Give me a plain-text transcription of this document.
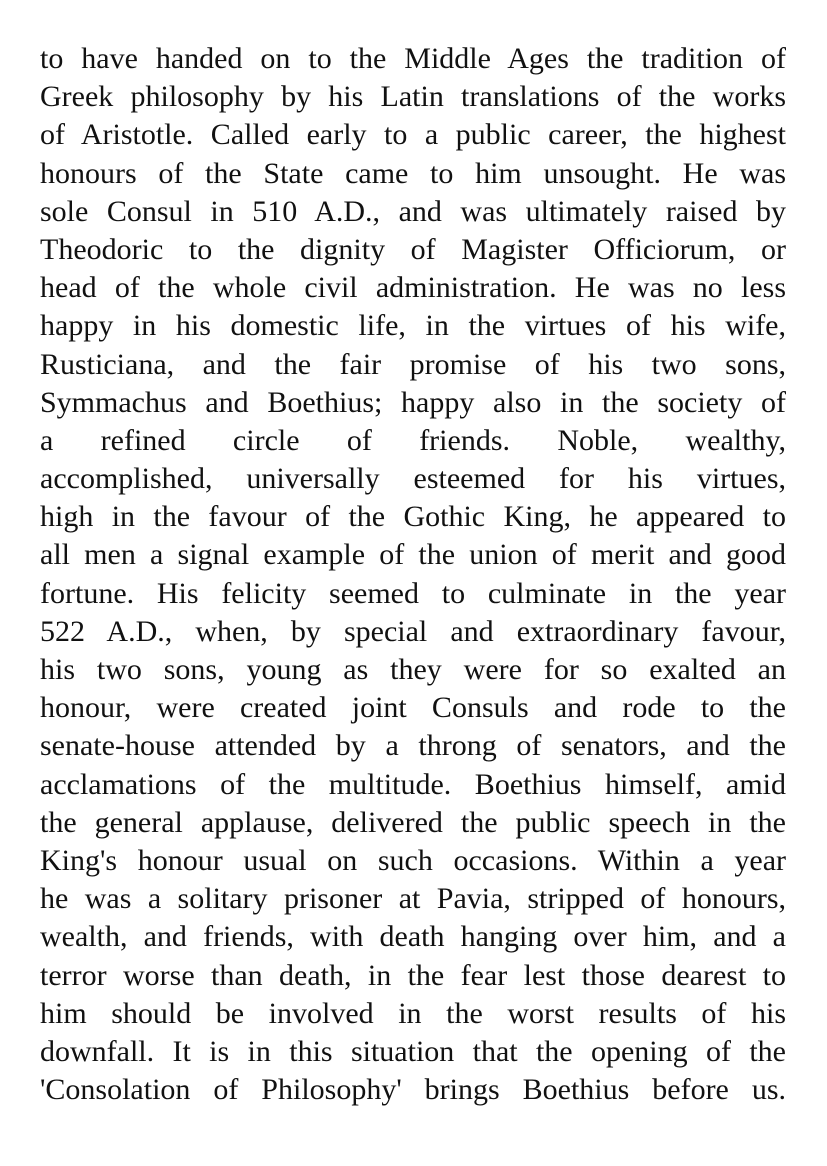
to have handed on to the Middle Ages the tradition of
Greek philosophy by his Latin translations of the works
of Aristotle. Called early to a public career, the highest
honours of the State came to him unsought. He was
sole Consul in 510 A.D., and was ultimately raised by
Theodoric to the dignity of Magister Officiorum, or
head of the whole civil administration. He was no less
happy in his domestic life, in the virtues of his wife,
Rusticiana, and the fair promise of his two sons,
Symmachus and Boethius; happy also in the society of
a refined circle of friends. Noble, wealthy,
accomplished, universally esteemed for his virtues,
high in the favour of the Gothic King, he appeared to
all men a signal example of the union of merit and good
fortune. His felicity seemed to culminate in the year
522 A.D., when, by special and extraordinary favour,
his two sons, young as they were for so exalted an
honour, were created joint Consuls and rode to the
senate-house attended by a throng of senators, and the
acclamations of the multitude. Boethius himself, amid
the general applause, delivered the public speech in the
King's honour usual on such occasions. Within a year
he was a solitary prisoner at Pavia, stripped of honours,
wealth, and friends, with death hanging over him, and a
terror worse than death, in the fear lest those dearest to
him should be involved in the worst results of his
downfall. It is in this situation that the opening of the
'Consolation of Philosophy' brings Boethius before us.
